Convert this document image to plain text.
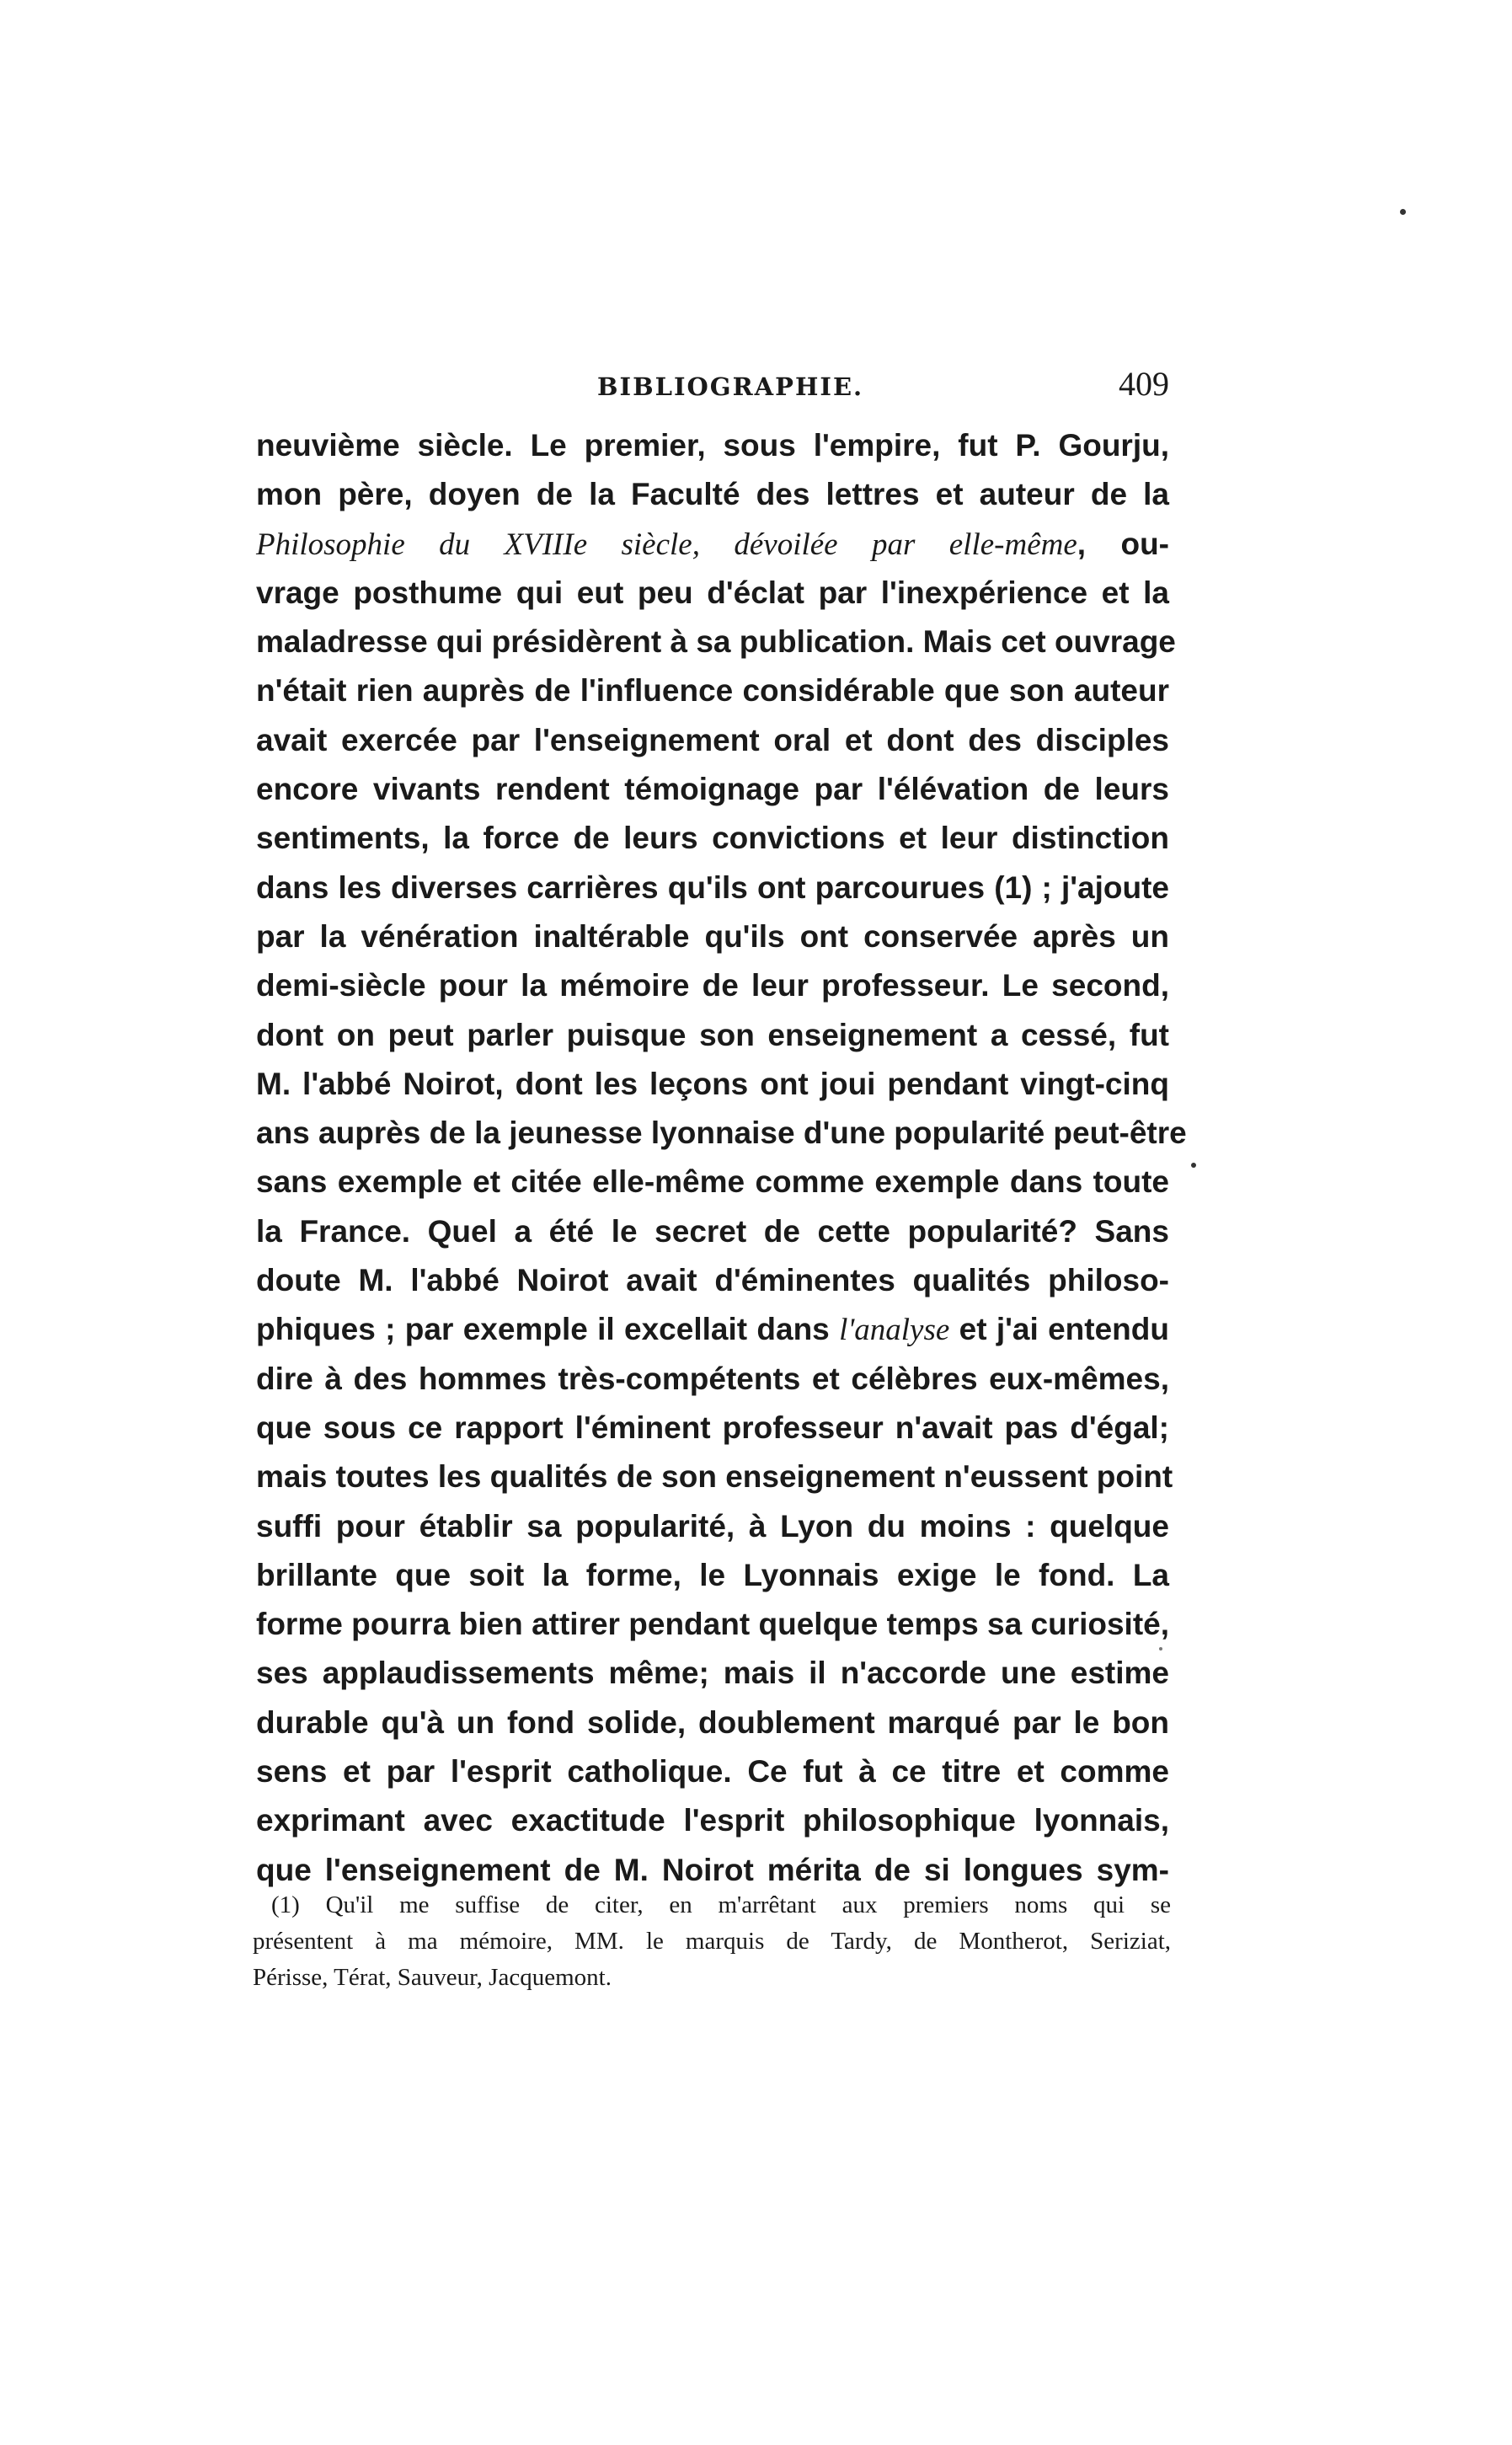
BIBLIOGRAPHIE.	409
neuvième siècle. Le premier, sous l'empire, fut P. Gourju,
mon père, doyen de la Faculté des lettres et auteur de la
Philosophie du XVIIIe siècle, dévoilée par elle-même, ou-
vrage posthume qui eut peu d'éclat par l'inexpérience et la
maladresse qui présidèrent à sa publication. Mais cet ouvrage
n'était rien auprès de l'influence considérable que son auteur
avait exercée par l'enseignement oral et dont des disciples
encore vivants rendent témoignage par l'élévation de leurs
sentiments, la force de leurs convictions et leur distinction
dans les diverses carrières qu'ils ont parcourues (1) ; j'ajoute
par la vénération inaltérable qu'ils ont conservée après un
demi-siècle pour la mémoire de leur professeur. Le second,
dont on peut parler puisque son enseignement a cessé, fut
M. l'abbé Noirot, dont les leçons ont joui pendant vingt-cinq
ans auprès de la jeunesse lyonnaise d'une popularité peut-être
sans exemple et citée elle-même comme exemple dans toute
la France. Quel a été le secret de cette popularité? Sans
doute M. l'abbé Noirot avait d'éminentes qualités philoso-
phiques ; par exemple il excellait dans l'analyse et j'ai entendu
dire à des hommes très-compétents et célèbres eux-mêmes,
que sous ce rapport l'éminent professeur n'avait pas d'égal;
mais toutes les qualités de son enseignement n'eussent point
suffi pour établir sa popularité, à Lyon du moins : quelque
brillante que soit la forme, le Lyonnais exige le fond. La
forme pourra bien attirer pendant quelque temps sa curiosité,
ses applaudissements même; mais il n'accorde une estime
durable qu'à un fond solide, doublement marqué par le bon
sens et par l'esprit catholique. Ce fut à ce titre et comme
exprimant avec exactitude l'esprit philosophique lyonnais,
que l'enseignement de M. Noirot mérita de si longues sym-
(1) Qu'il me suffise de citer, en m'arrêtant aux premiers noms qui se
présentent à ma mémoire, MM. le marquis de Tardy, de Montherot, Seriziat,
Périsse, Térat, Sauveur, Jacquemont.
